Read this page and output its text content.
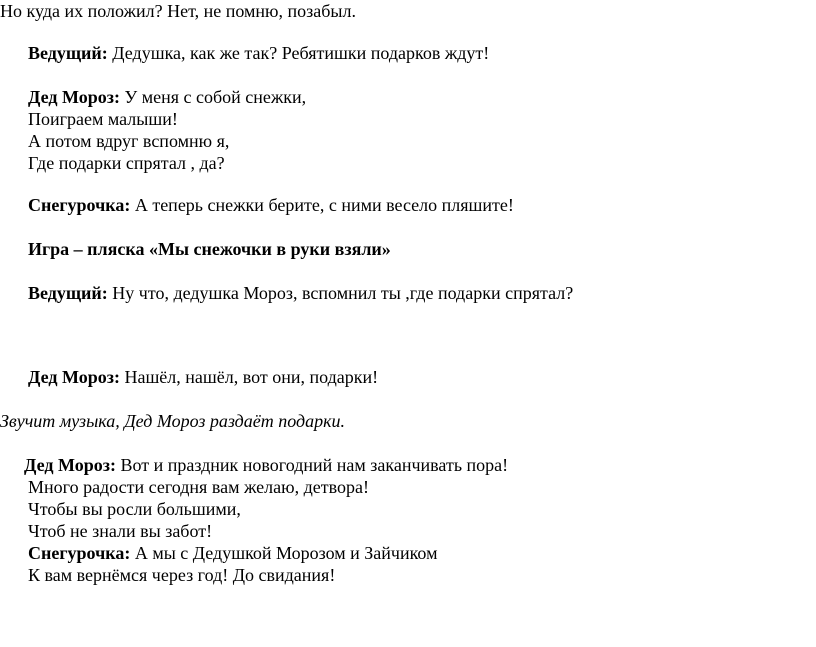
Но куда их положил? Нет, не помню, позабыл.
Ведущий: Дедушка, как же так? Ребятишки подарков ждут!
Дед Мороз: У меня с собой снежки,
Поиграем малыши!
А потом вдруг вспомню я,
Где подарки спрятал , да?
Снегурочка: А теперь снежки берите, с ними весело пляшите!
Игра – пляска «Мы снежочки в руки взяли»
Ведущий: Ну что, дедушка Мороз, вспомнил ты ,где подарки спрятал?
Дед Мороз: Нашёл, нашёл, вот они, подарки!
Звучит музыка, Дед Мороз раздаёт подарки.
Дед Мороз: Вот и праздник новогодний нам заканчивать пора!
Много радости сегодня вам желаю, детвора!
Чтобы вы росли большими,
Чтоб не знали вы забот!
Снегурочка: А мы с Дедушкой Морозом и Зайчиком
К вам вернёмся через год! До свидания!
